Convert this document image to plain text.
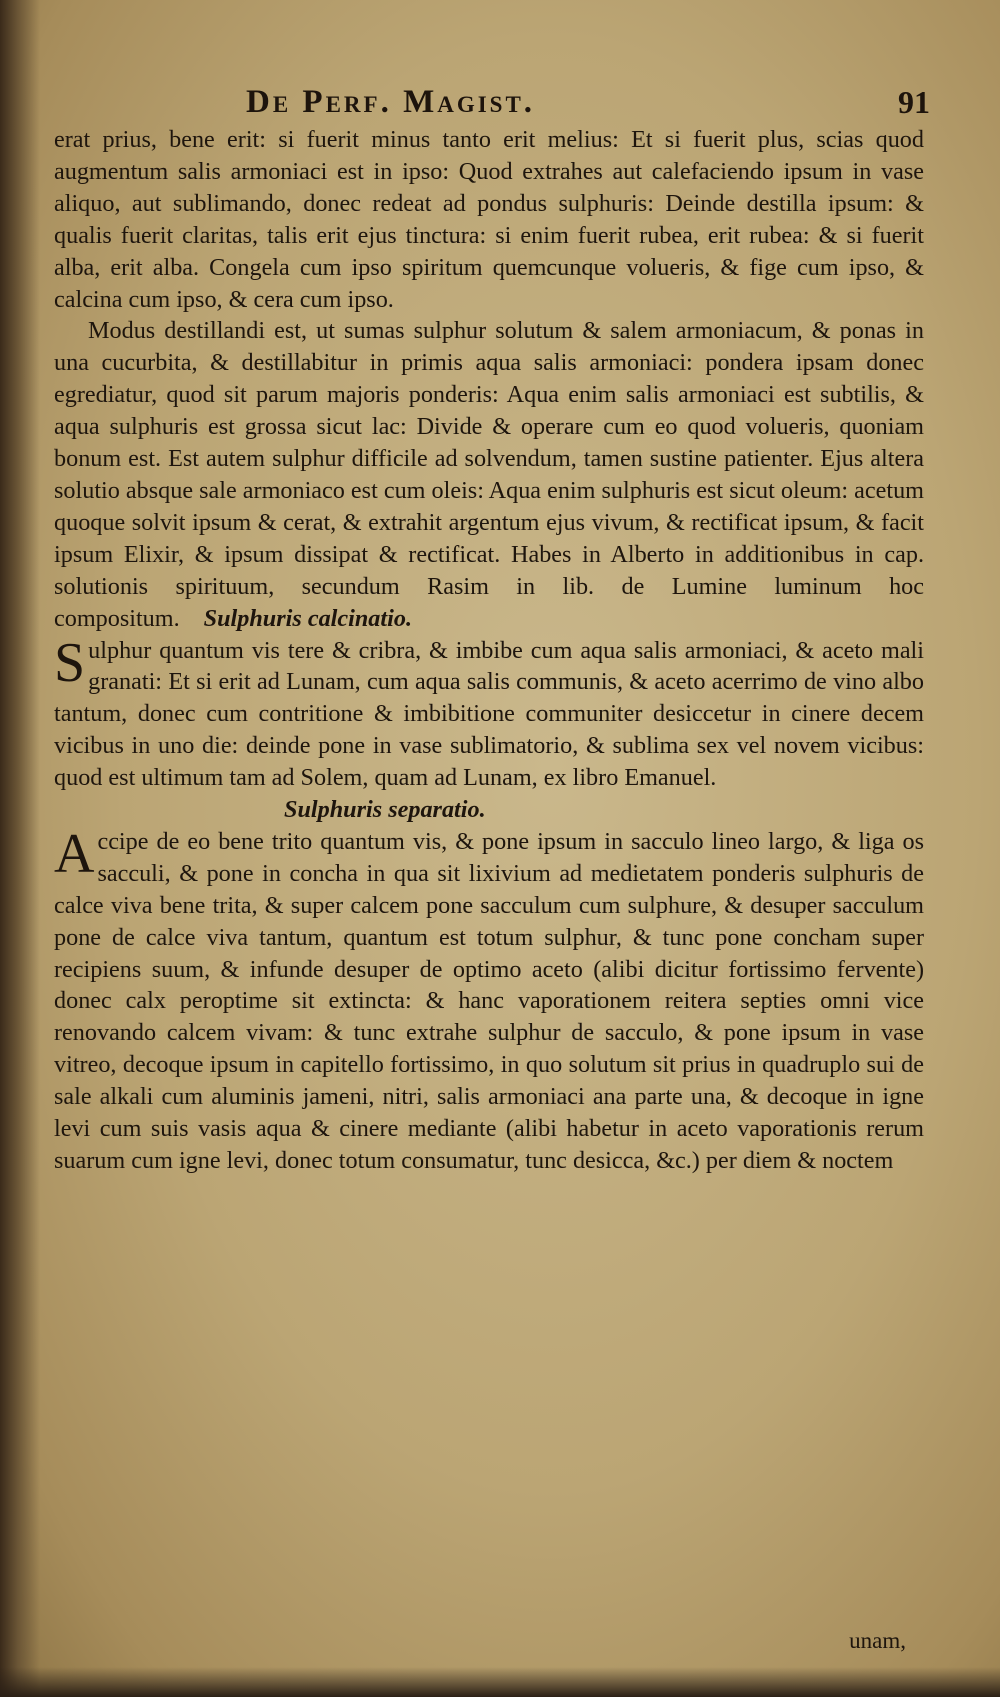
De Perf. Magist.	91

erat prius, bene erit: si fuerit minus tanto erit melius: Et si fuerit plus, scias quod augmentum salis armoniaci est in ipso: Quod extrahes aut calefaciendo ipsum in vase aliquo, aut sublimando, donec redeat ad pondus sulphuris: Deinde destilla ipsum: & qualis fuerit claritas, talis erit ejus tinctura: si enim fuerit rubea, erit rubea: & si fuerit alba, erit alba. Congela cum ipso spiritum quemcunque volueris, & fige cum ipso, & calcina cum ipso, & cera cum ipso.

Modus destillandi est, ut sumas sulphur solutum & salem armoniacum, & ponas in una cucurbita, & destillabitur in primis aqua salis armoniaci: pondera ipsam donec egrediatur, quod sit parum majoris ponderis: Aqua enim salis armoniaci est subtilis, & aqua sulphuris est grossa sicut lac: Divide & operare cum eo quod volueris, quoniam bonum est. Est autem sulphur difficile ad solvendum, tamen sustine patienter. Ejus altera solutio absque sale armoniaco est cum oleis: Aqua enim sulphuris est sicut oleum: acetum quoque solvit ipsum & cerat, & extrahit argentum ejus vivum, & rectificat ipsum, & facit ipsum Elixir, & ipsum dissipat & rectificat. Habes in Alberto in additionibus in cap. solutionis spirituum, secundum Rasim in lib. de Lumine luminum hoc compositum. Sulphuris calcinatio.

Sulphur quantum vis tere & cribra, & imbibe cum aqua salis armoniaci, & aceto mali granati: Et si erit ad Lunam, cum aqua salis communis, & aceto acerrimo de vino albo tantum, donec cum contritione & imbibitione communiter desiccetur in cinere decem vicibus in uno die: deinde pone in vase sublimatorio, & sublima sex vel novem vicibus: quod est ultimum tam ad Solem, quam ad Lunam, ex libro Emanuel.

Sulphuris separatio.

Accipe de eo bene trito quantum vis, & pone ipsum in sacculo lineo largo, & liga os sacculi, & pone in concha in qua sit lixivium ad medietatem ponderis sulphuris de calce viva bene trita, & super calcem pone sacculum cum sulphure, & desuper sacculum pone de calce viva tantum, quantum est totum sulphur, & tunc pone concham super recipiens suum, & infunde desuper de optimo aceto (alibi dicitur fortissimo fervente) donec calx peroptime sit extincta: & hanc vaporationem reitera septies omni vice renovando calcem vivam: & tunc extrahe sulphur de sacculo, & pone ipsum in vase vitreo, decoque ipsum in capitello fortissimo, in quo solutum sit prius in quadruplo sui de sale alkali cum aluminis jameni, nitri, salis armoniaci ana parte una, & decoque in igne levi cum suis vasis aqua & cinere mediante (alibi habetur in aceto vaporationis rerum suarum cum igne levi, donec totum consumatur, tunc desicca, &c.) per diem & noctem

unam,
